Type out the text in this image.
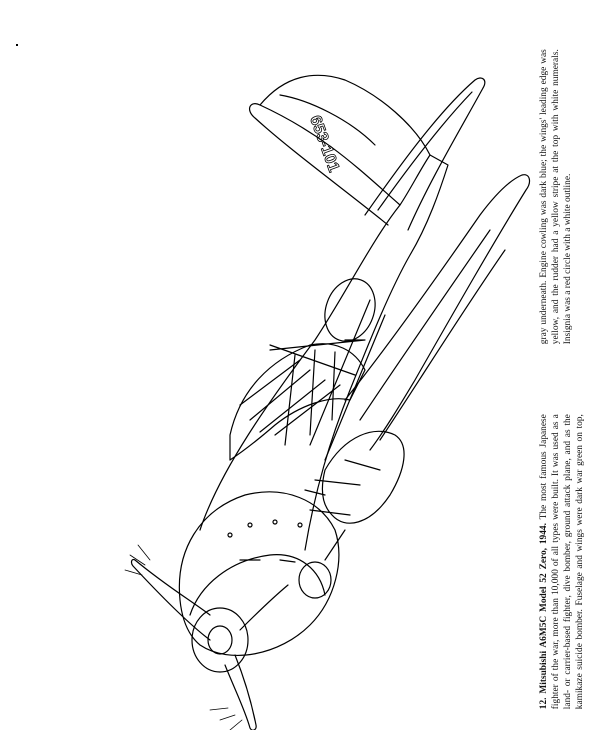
653-101

12. Mitsubishi A6M5C Model 52 Zero, 1944. The most famous Japanese fighter of the war, more than 10,000 of all types were built. It was used as a land- or carrier-based fighter, dive bomber, ground attack plane, and as the kamikaze suicide bomber. Fuselage and wings were dark war green on top, gray underneath. Engine cowling was dark blue; the wings' leading edge was yellow, and the rudder had a yellow stripe at the top with white numerals. Insignia was a red circle with a white outline.
